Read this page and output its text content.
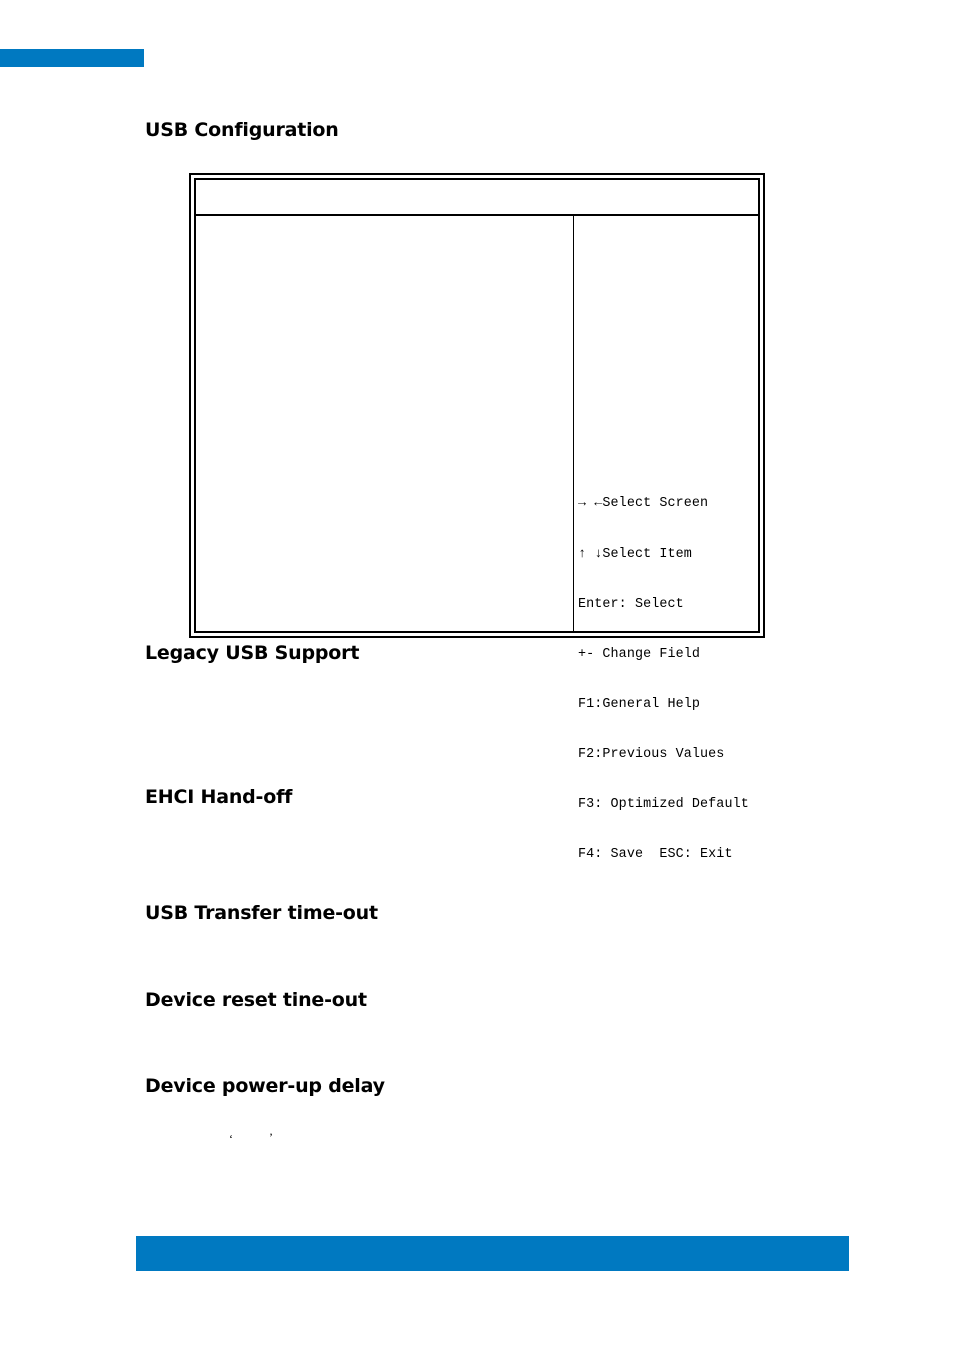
USB Configuration

→ ←Select Screen

↑ ↓Select Item

Enter: Select

+- Change Field

F1:General Help

F2:Previous Values

F3: Optimized Default

F4: Save  ESC: Exit

Legacy USB Support
EHCI Hand-off
USB Transfer time-out
Device reset tine-out
Device power-up delay
‘	’
